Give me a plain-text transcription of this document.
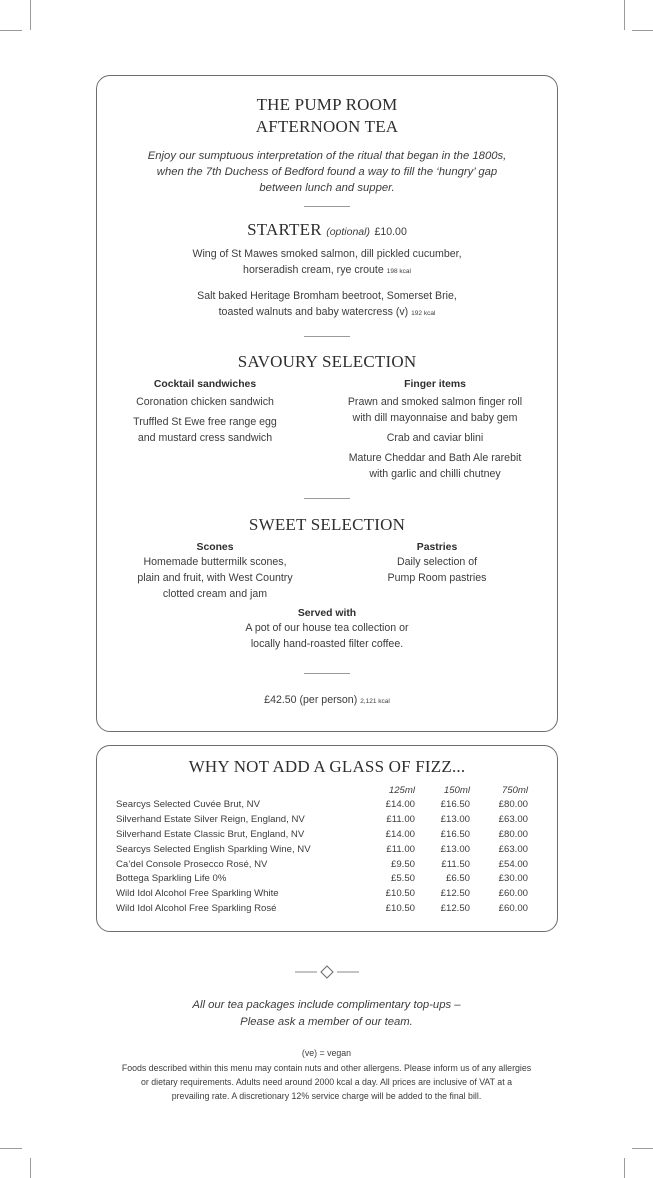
THE PUMP ROOM
AFTERNOON TEA
Enjoy our sumptuous interpretation of the ritual that began in the 1800s,
when the 7th Duchess of Bedford found a way to fill the ‘hungry’ gap
between lunch and supper.
STARTER (optional) £10.00
Wing of St Mawes smoked salmon, dill pickled cucumber,
horseradish cream, rye croute 198 kcal
Salt baked Heritage Bromham beetroot, Somerset Brie,
toasted walnuts and baby watercress (v) 192 kcal
SAVOURY SELECTION
Cocktail sandwiches
Coronation chicken sandwich
Truffled St Ewe free range egg
and mustard cress sandwich
Finger items
Prawn and smoked salmon finger roll
with dill mayonnaise and baby gem
Crab and caviar blini
Mature Cheddar and Bath Ale rarebit
with garlic and chilli chutney
SWEET SELECTION
Scones
Homemade buttermilk scones,
plain and fruit, with West Country
clotted cream and jam
Pastries
Daily selection of
Pump Room pastries
Served with
A pot of our house tea collection or
locally hand-roasted filter coffee.
£42.50 (per person) 2,121 kcal
WHY NOT ADD A GLASS OF FIZZ...
	125ml	150ml	750ml
Searcys Selected Cuvée Brut, NV	£14.00	£16.50	£80.00
Silverhand Estate Silver Reign, England, NV	£11.00	£13.00	£63.00
Silverhand Estate Classic Brut, England, NV	£14.00	£16.50	£80.00
Searcys Selected English Sparkling Wine, NV	£11.00	£13.00	£63.00
Ca’del Console Prosecco Rosé, NV	£9.50	£11.50	£54.00
Bottega Sparkling Life 0%	£5.50	£6.50	£30.00
Wild Idol Alcohol Free Sparkling White	£10.50	£12.50	£60.00
Wild Idol Alcohol Free Sparkling Rosé	£10.50	£12.50	£60.00
All our tea packages include complimentary top-ups –
Please ask a member of our team.
(ve) = vegan
Foods described within this menu may contain nuts and other allergens. Please inform us of any allergies
or dietary requirements. Adults need around 2000 kcal a day. All prices are inclusive of VAT at a
prevailing rate. A discretionary 12% service charge will be added to the final bill.
